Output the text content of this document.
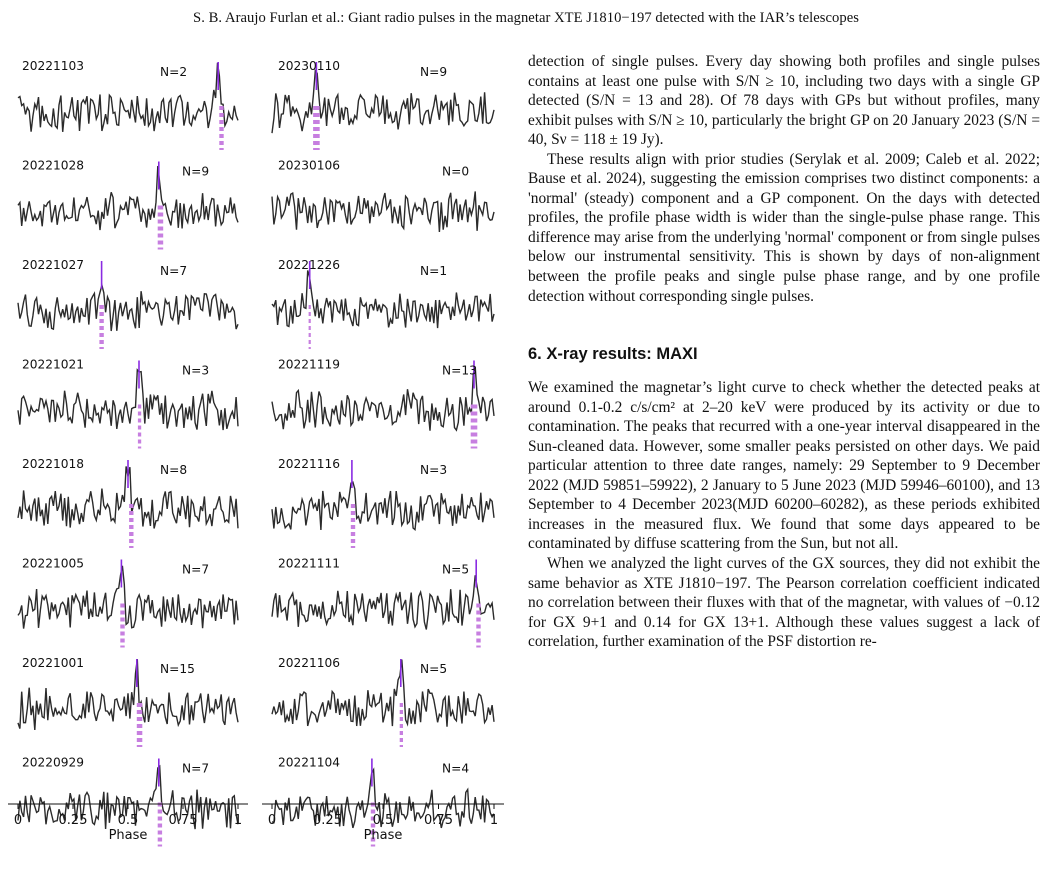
S. B. Araujo Furlan et al.: Giant radio pulses in the magnetar XTE J1810−197 detected with the IAR’s telescopes
20221103	N=2
20221028	N=9
20221027	N=7
20221021	N=3
20221018	N=8
20221005	N=7
20221001	N=15
20220929	N=7
0	0.25 0.5 0.75	1
Phase
20230110	N=9
20230106	N=0
20221226	N=1
20221119	N=13
20221116	N=3
20221111	N=5
20221106	N=5
20221104	N=4
0	0.25 0.5 0.75	1
Phase

detection of single pulses. Every day showing both profiles and single pulses contains at least one pulse with S/N ≥ 10, including two days with a single GP detected (S/N = 13 and 28). Of 78 days with GPs but without profiles, many exhibit pulses with S/N ≥ 10, particularly the bright GP on 20 January 2023 (S/N = 40, Sν = 118 ± 19 Jy).

These results align with prior studies (Serylak et al. 2009; Caleb et al. 2022; Bause et al. 2024), suggesting the emission comprises two distinct components: a 'normal' (steady) component and a GP component. On the days with detected profiles, the profile phase width is wider than the single-pulse phase range. This difference may arise from the underlying 'normal' component or from single pulses below our instrumental sensitivity. This is shown by days of non-alignment between the profile peaks and single pulse phase range, and by one profile detection without corresponding single pulses.

6. X-ray results: MAXI

We examined the magnetar’s light curve to check whether the detected peaks at around 0.1-0.2 c/s/cm² at 2–20 keV were produced by its activity or due to contamination. The peaks that recurred with a one-year interval disappeared in the Sun-cleaned data. However, some smaller peaks persisted on other days. We paid particular attention to three date ranges, namely: 29 September to 9 December 2022 (MJD 59851–59922), 2 January to 5 June 2023 (MJD 59946–60100), and 13 September to 4 December 2023(MJD 60200–60282), as these periods exhibited increases in the measured flux. We found that some days appeared to be contaminated by diffuse scattering from the Sun, but not all.

When we analyzed the light curves of the GX sources, they did not exhibit the same behavior as XTE J1810−197. The Pearson correlation coefficient indicated no correlation between their fluxes with that of the magnetar, with values of −0.12 for GX 9+1 and 0.14 for GX 13+1. Although these values suggest a lack of correlation, further examination of the PSF distortion re-
